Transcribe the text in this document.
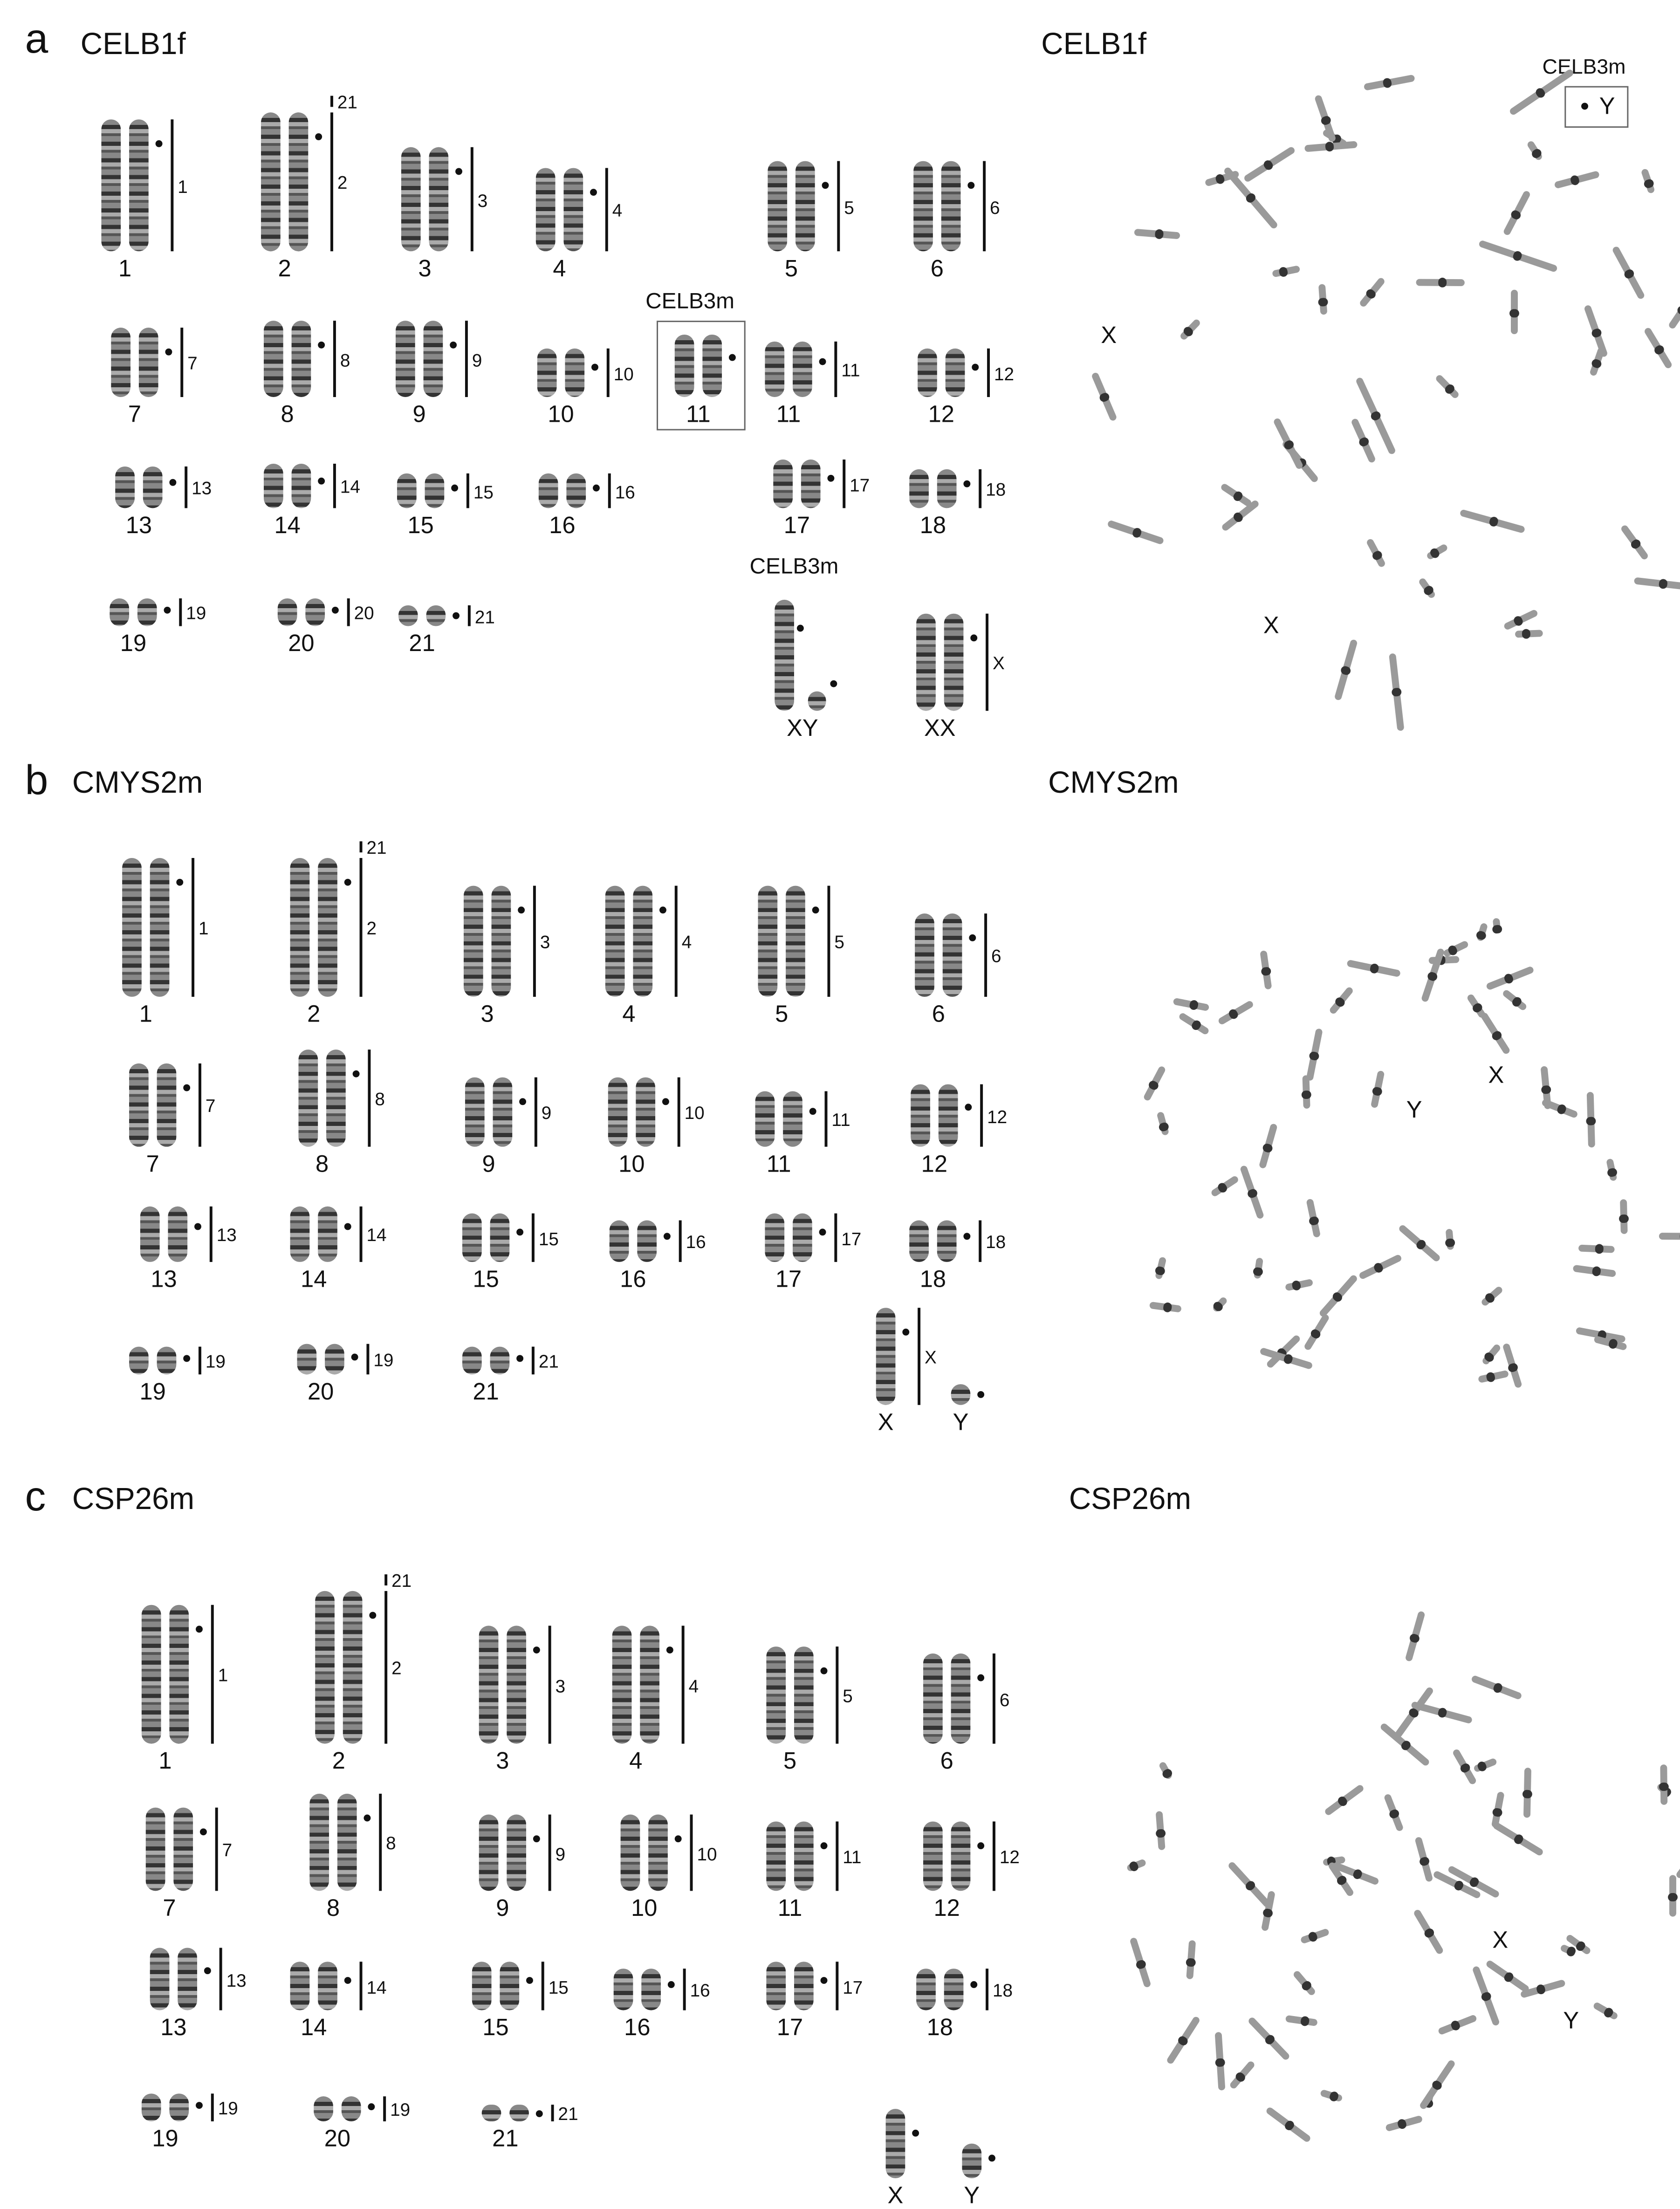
a	CELB1f	CELB1f
CELB3m
Y
X
X
b CMYS2m	CMYS2m
Y
X
c	CSP26m	CSP26m
X
Y
1
1
2
2
21
3
3
4
4
5
5
6
6
7
7
8
8
9
9
10
10
11
CELB3m
11
11
12
12
13
13
14
14
15
15
16
16
17
17
18
18
19
19
20
20
21
21
XY
CELB3m
XX
X
1
1
2
2
21
3
3
4
4
5
5
6
6
7
7
8
8
9
9
10
10
11
11
12
12
13
13
14
14
15
15
16
16
17
17
18
18
19
19
20
19
21
21
X
X
Y
1
1
2
2
21
3
3
4
4
5
5
6
6
7
7
8
8
9
9
10
10
11
11
12
12
13
13
14
14
15
15
16
16
17
17
18
18
19
19
20
19
21
21
X	Y
